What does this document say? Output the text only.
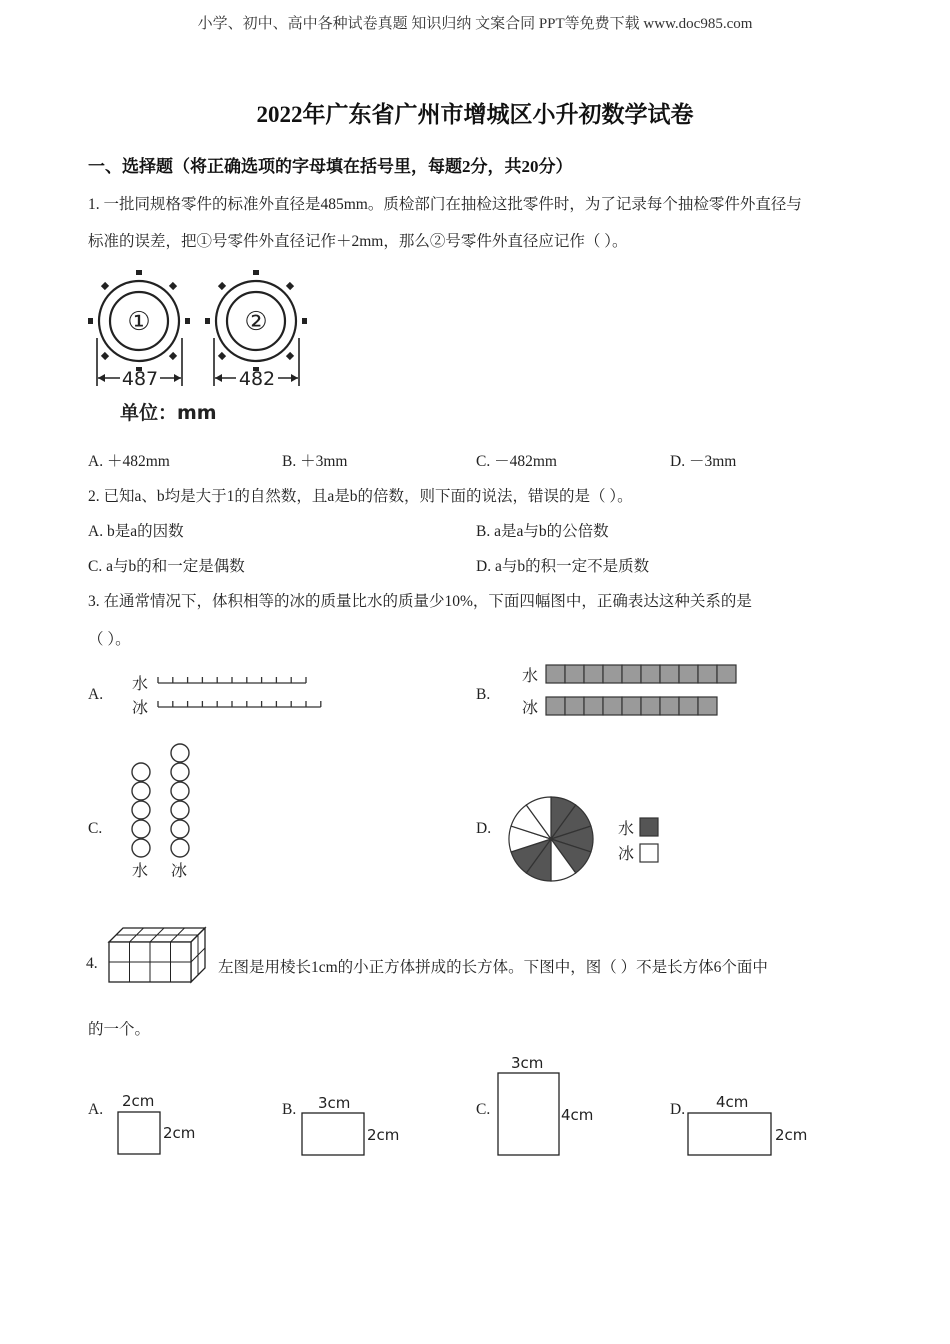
小学、初中、高中各种试卷真题 知识归纳 文案合同 PPT等免费下载 www.doc985.com
2022年广东省广州市增城区小升初数学试卷
一、选择题（将正确选项的字母填在括号里，每题2分，共20分）
1. 一批同规格零件的标准外直径是485mm。质检部门在抽检这批零件时，为了记录每个抽检零件外直径与
标准的误差，把①号零件外直径记作＋2mm，那么②号零件外直径应记作（ ）。
①	②
487	482
单位：mm
A. ＋482mm	B. ＋3mm	C. －482mm	D. －3mm
2. 已知a、b均是大于1的自然数，且a是b的倍数，则下面的说法，错误的是（ ）。
A. b是a的因数	B. a是a与b的公倍数
C. a与b的和一定是偶数	D. a与b的积一定不是质数
3. 在通常情况下，体积相等的冰的质量比水的质量少10%，下面四幅图中，正确表达这种关系的是
（ ）。
A.
水
冰
B.
水
冰
C.
水 冰
D.	水
冰
4.	左图是用棱长1cm的小正方体拼成的长方体。下图中，图（ ）不是长方体6个面中
的一个。
A. 2cm
2cm
B. 3cm
2cm
C.
3cm
4cm	D. 4cm
2cm
